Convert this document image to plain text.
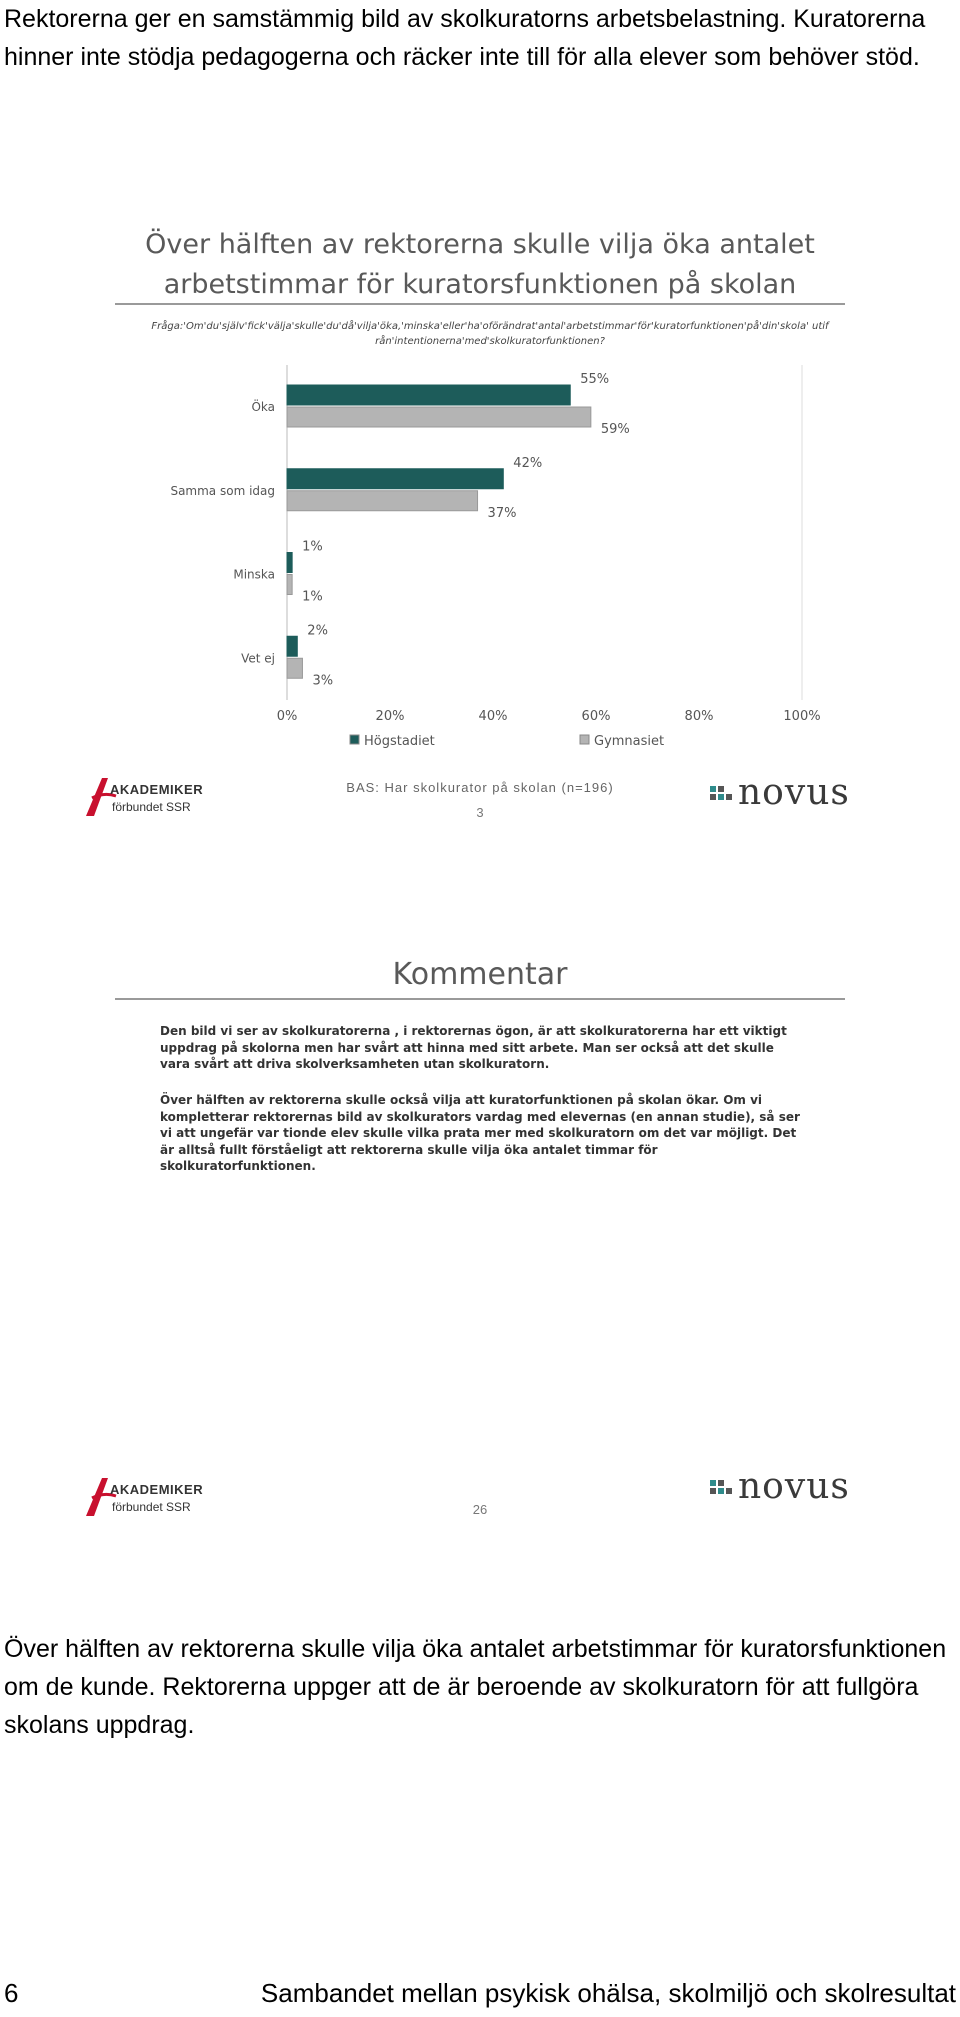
Rektorerna ger en samstämmig bild av skolkuratorns arbetsbelastning. Kuratorerna hinner inte stödja pedagogerna och räcker inte till för alla elever som behöver stöd.
Över hälften av rektorerna skulle vilja öka antalet arbetstimmar för kuratorsfunktionen på skolan
Fråga:'Om'du'själv'fick'välja'skulle'du'då'vilja'öka,'minska'eller'ha'oförändrat'antal'arbetstimmar'för'kuratorfunktionen'på'din'skola' utifrån'intentionerna'med'skolkuratorfunktionen?
Öka
55%
59%
Samma som idag
42%
37%
Minska
1%
1%
Vet ej
2%
3%
0%	20%	40%	60%	80%	100%
Högstadiet	Gymnasiet
AKADEMIKER
förbundet SSR	novus
BAS: Har skolkurator på skolan (n=196)
3
Kommentar
Den bild vi ser av skolkuratorerna , i rektorernas ögon, är att skolkuratorerna har ett viktigt uppdrag på skolorna men har svårt att hinna med sitt arbete. Man ser också att det skulle vara svårt att driva skolverksamheten utan skolkuratorn.
Över hälften av rektorerna skulle också vilja att kuratorfunktionen på skolan ökar. Om vi kompletterar rektorernas bild av skolkurators vardag med elevernas (en annan studie), så ser vi att ungefär var tionde elev skulle vilka prata mer med skolkuratorn om det var möjligt. Det är alltså fullt förståeligt att rektorerna skulle vilja öka antalet timmar för skolkuratorfunktionen.
AKADEMIKER
förbundet SSR	novus
26
Över hälften av rektorerna skulle vilja öka antalet arbetstimmar för kuratorsfunktionen om de kunde. Rektorerna uppger att de är beroende av skolkuratorn för att fullgöra skolans uppdrag.
6	Sambandet mellan psykisk ohälsa, skolmiljö och skolresultat
